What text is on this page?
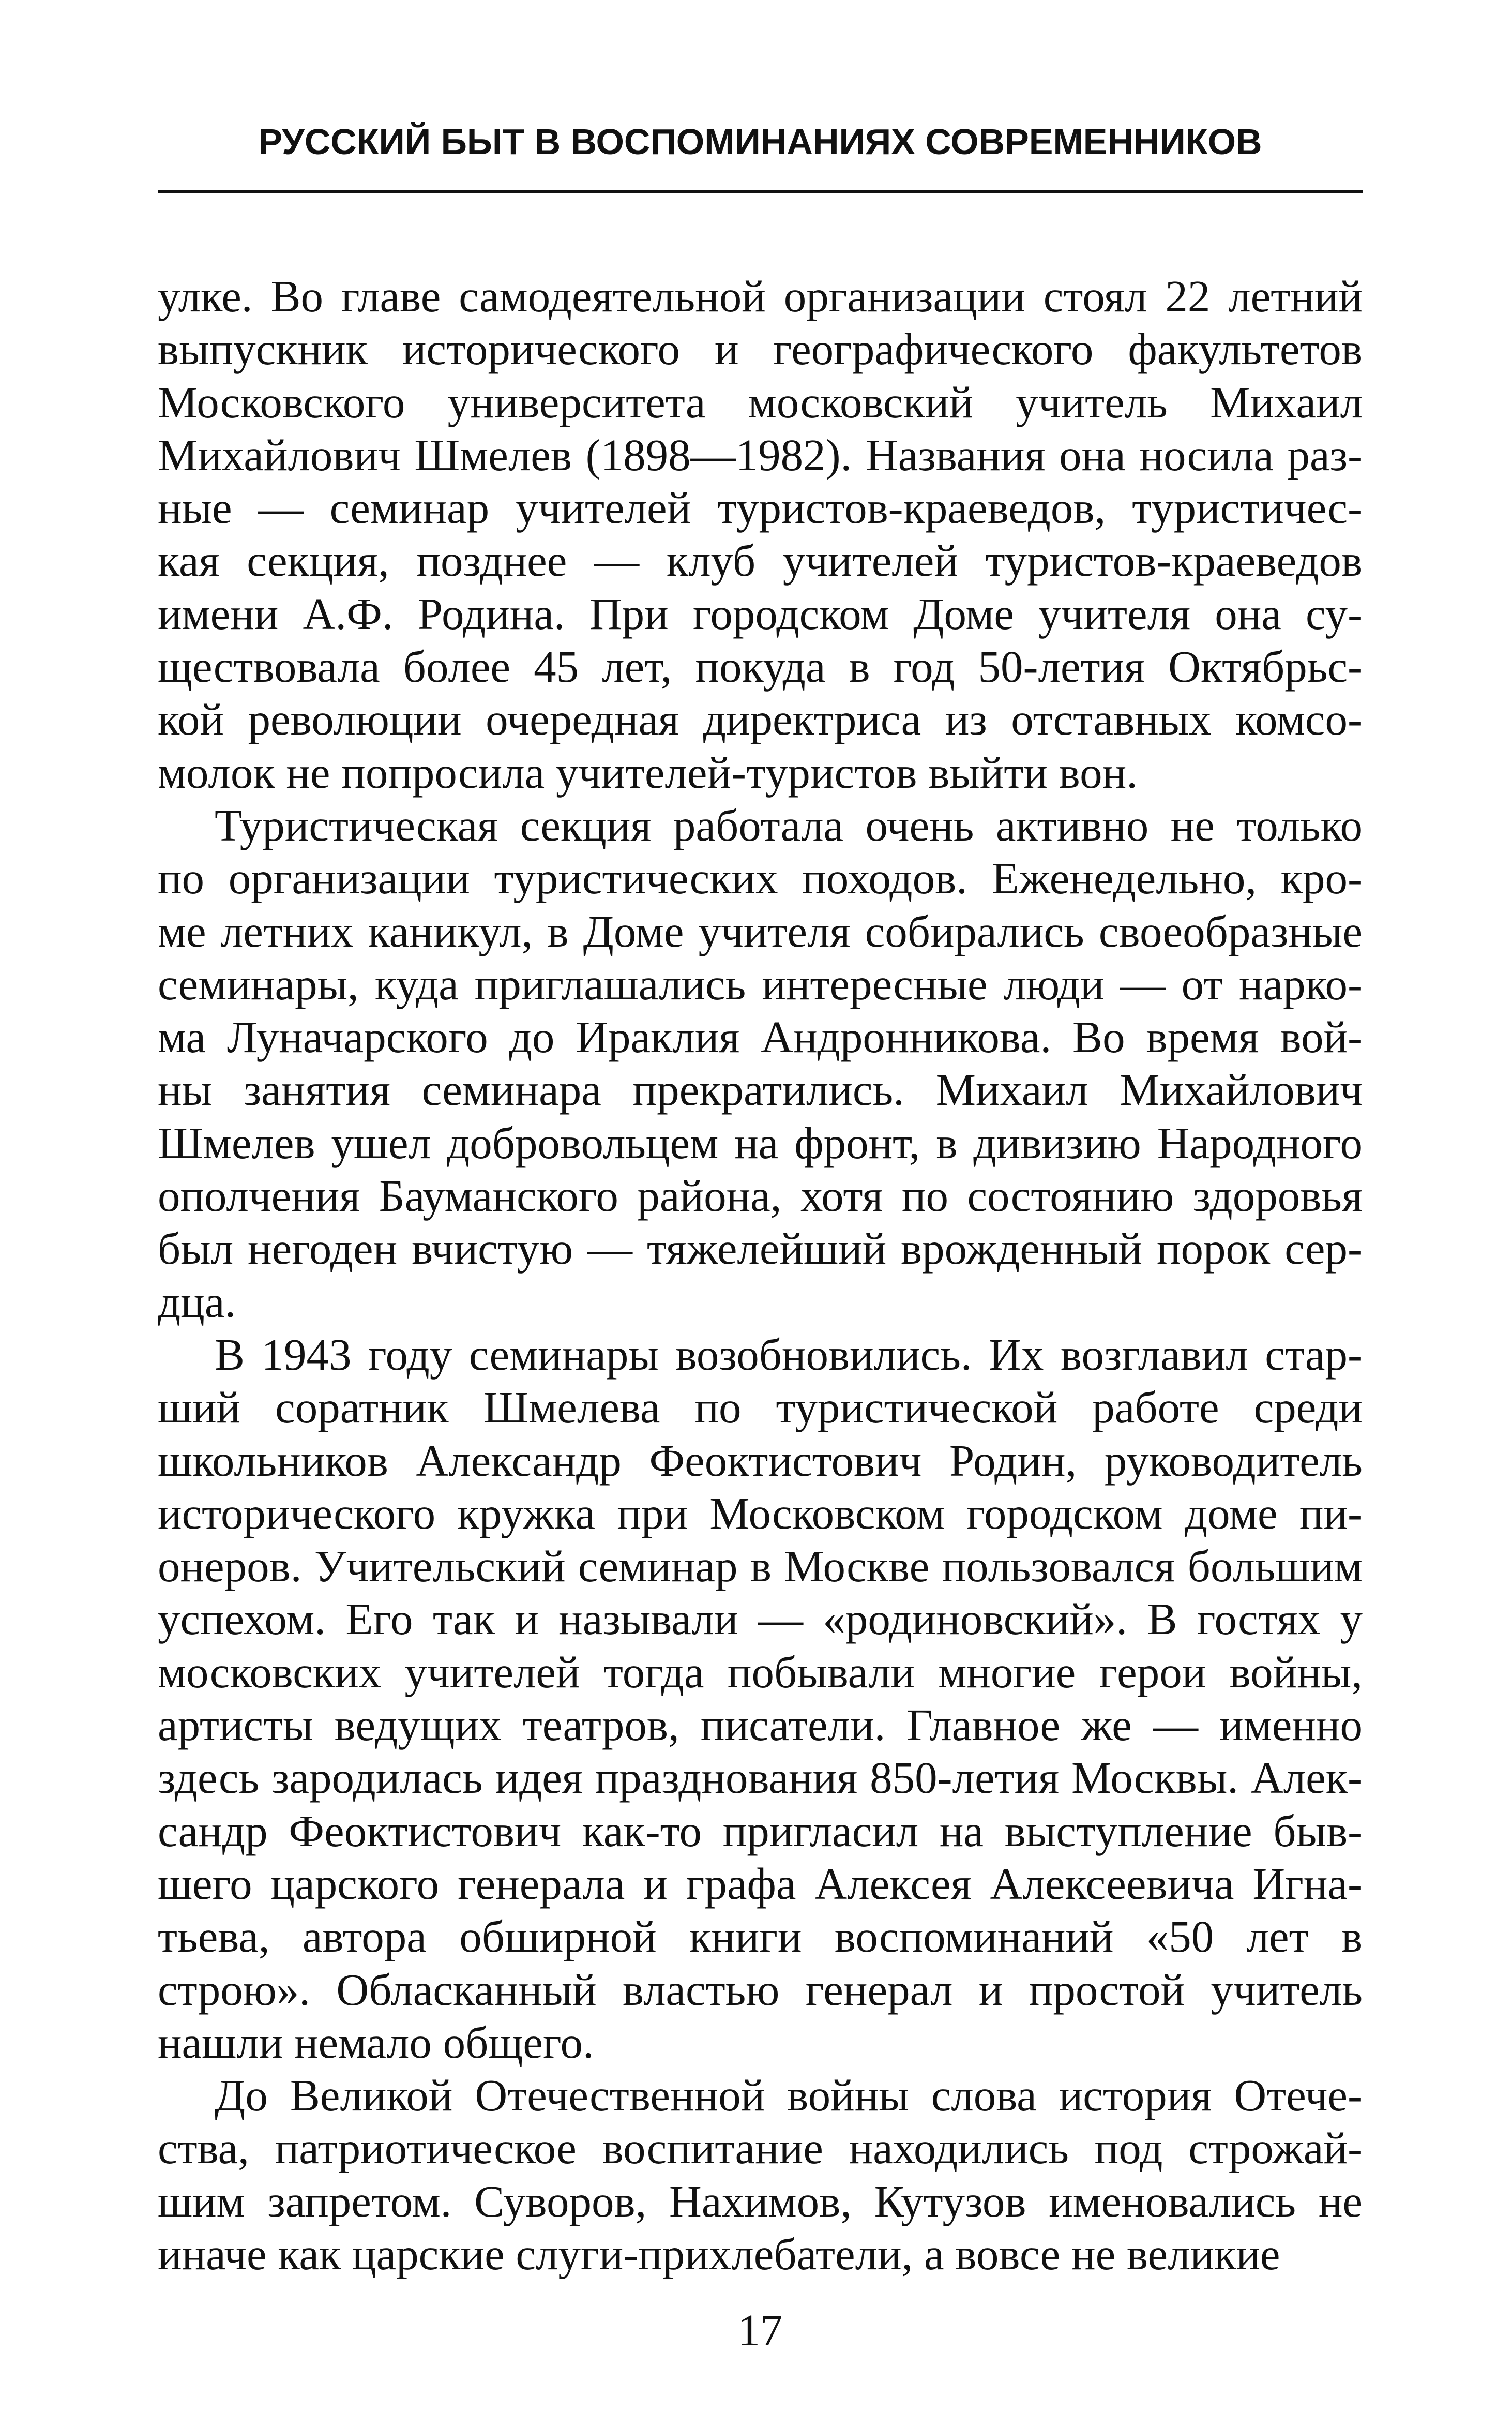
РУССКИЙ БЫТ В ВОСПОМИНАНИЯХ СОВРЕМЕННИКОВ
улке. Во главе самодеятельной организации стоял 22 летний
выпускник исторического и географического факультетов
Московского университета московский учитель Михаил
Михайлович Шмелев (1898—1982). Названия она носила раз-
ные — семинар учителей туристов-краеведов, туристичес-
кая секция, позднее — клуб учителей туристов-краеведов
имени А.Ф. Родина. При городском Доме учителя она су-
ществовала более 45 лет, покуда в год 50-летия Октябрьс-
кой революции очередная директриса из отставных комсо-
молок не попросила учителей-туристов выйти вон.
Туристическая секция работала очень активно не только
по организации туристических походов. Еженедельно, кро-
ме летних каникул, в Доме учителя собирались своеобразные
семинары, куда приглашались интересные люди — от нарко-
ма Луначарского до Ираклия Андронникова. Во время вой-
ны занятия семинара прекратились. Михаил Михайлович
Шмелев ушел добровольцем на фронт, в дивизию Народного
ополчения Бауманского района, хотя по состоянию здоровья
был негоден вчистую — тяжелейший врожденный порок сер-
дца.
В 1943 году семинары возобновились. Их возглавил стар-
ший соратник Шмелева по туристической работе среди
школьников Александр Феоктистович Родин, руководитель
исторического кружка при Московском городском доме пи-
онеров. Учительский семинар в Москве пользовался большим
успехом. Его так и называли — «родиновский». В гостях у
московских учителей тогда побывали многие герои войны,
артисты ведущих театров, писатели. Главное же — именно
здесь зародилась идея празднования 850-летия Москвы. Алек-
сандр Феоктистович как-то пригласил на выступление быв-
шего царского генерала и графа Алексея Алексеевича Игна-
тьева, автора обширной книги воспоминаний «50 лет в
строю». Обласканный властью генерал и простой учитель
нашли немало общего.
До Великой Отечественной войны слова история Отече-
ства, патриотическое воспитание находились под строжай-
шим запретом. Суворов, Нахимов, Кутузов именовались не
иначе как царские слуги-прихлебатели, а вовсе не великие
17
